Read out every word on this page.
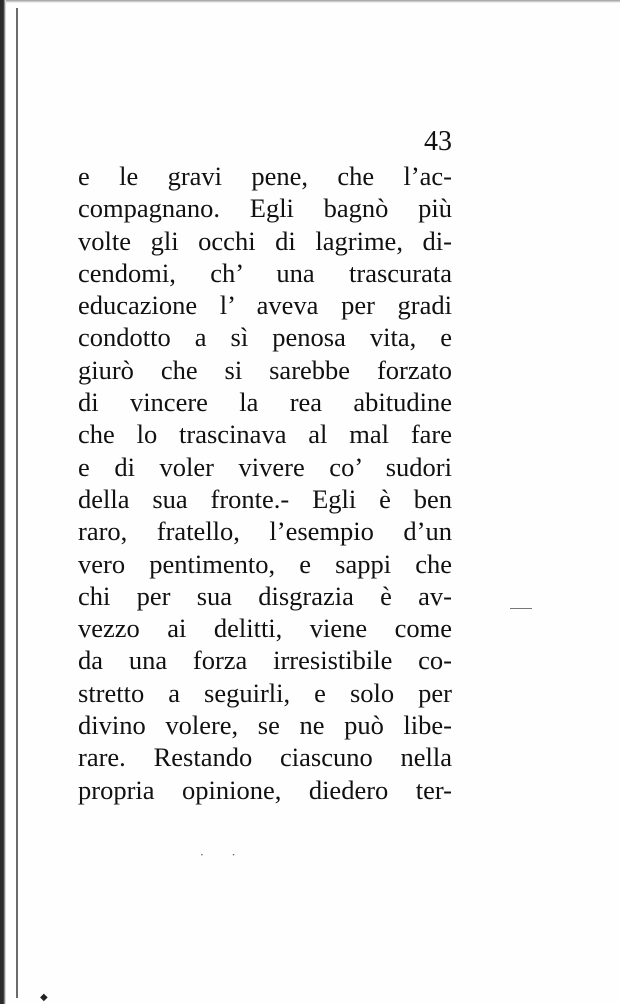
· ·
◆
43
e le gravi pene, che l’ac-
compagnano. Egli bagnò più
volte gli occhi di lagrime, di-
cendomi, ch’ una trascurata
educazione l’ aveva per gradi
condotto a sì penosa vita, e
giurò che si sarebbe forzato
di vincere la rea abitudine
che lo trascinava al mal fare
e di voler vivere co’ sudori
della sua fronte.- Egli è ben
raro, fratello, l’esempio d’un
vero pentimento, e sappi che
chi per sua disgrazia è av-
vezzo ai delitti, viene come
da una forza irresistibile co-
stretto a seguirli, e solo per
divino volere, se ne può libe-
rare. Restando ciascuno nella
propria opinione, diedero ter-
